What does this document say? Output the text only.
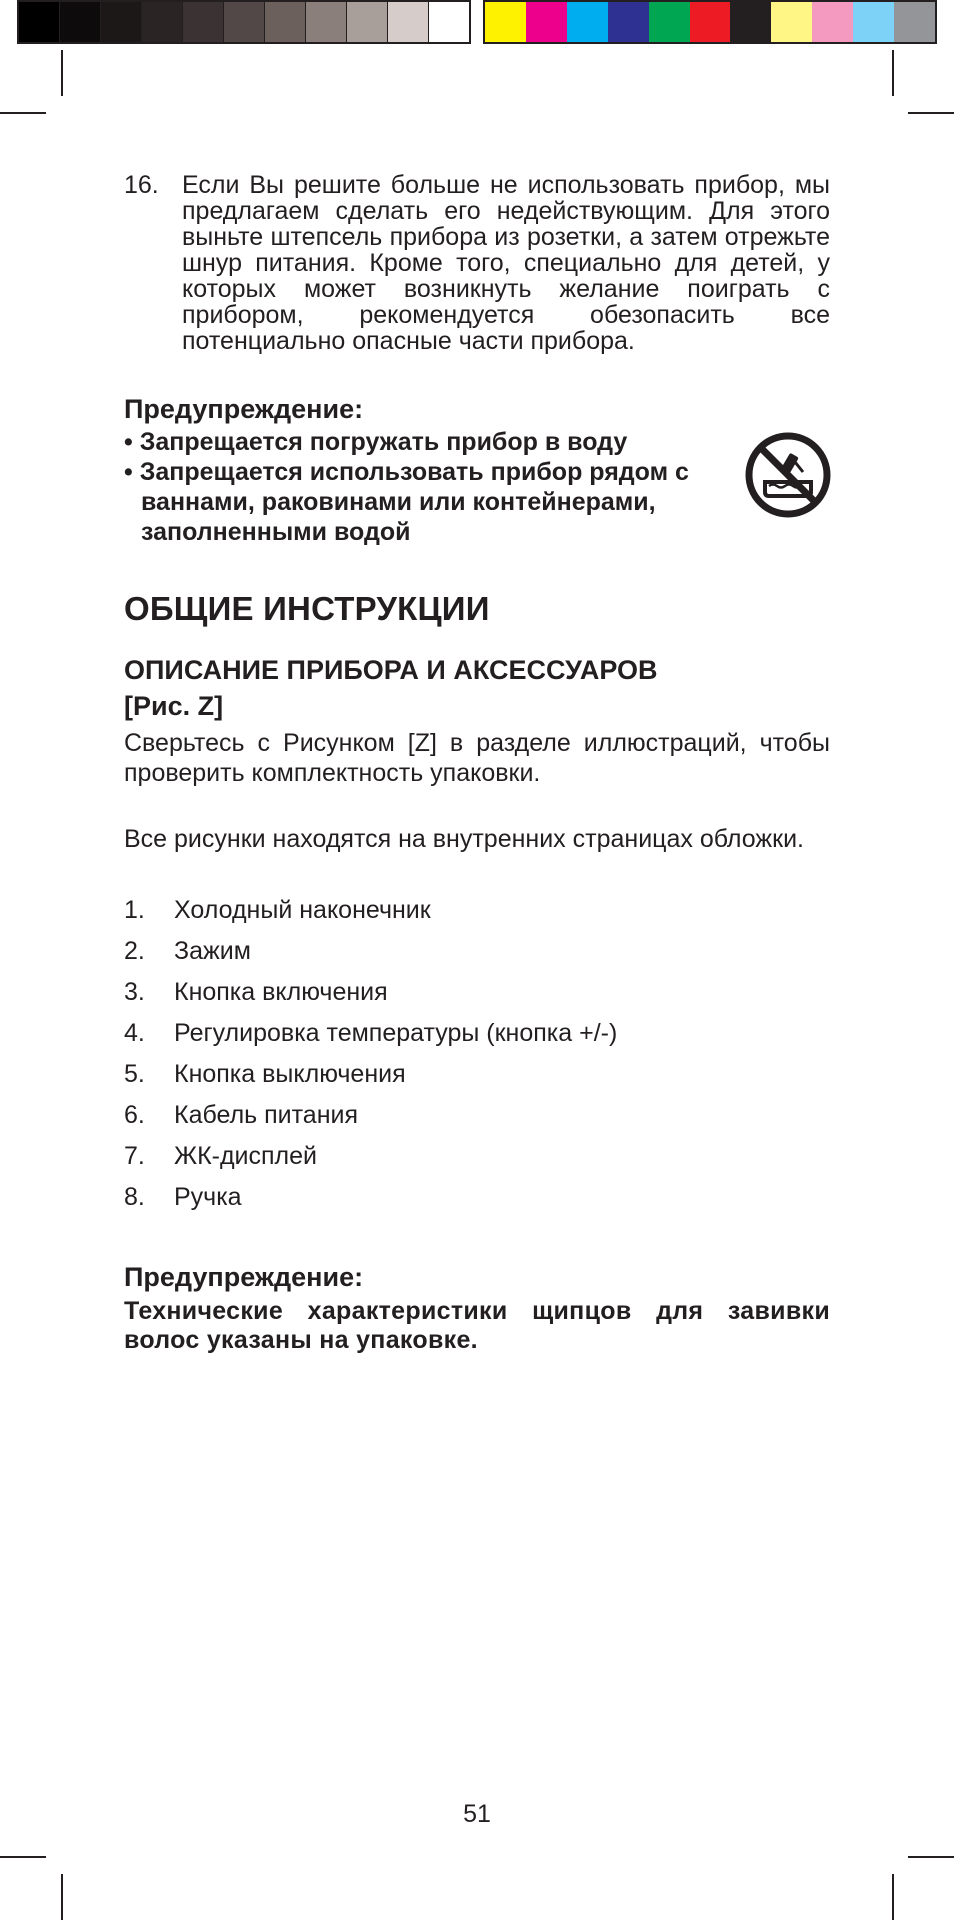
16. Если Вы решите больше не использовать прибор, мы предлагаем сделать его недействующим. Для этого выньте штепсель прибора из розетки, а затем отрежьте шнур питания. Кроме того, специально для детей, у которых может возникнуть желание поиграть с прибором, рекомендуется обезопасить все потенциально опасные части прибора.
Предупреждение:
• Запрещается погружать прибор в воду
• Запрещается использовать прибор рядом с ваннами, раковинами или контейнерами, заполненными водой
ОБЩИЕ ИНСТРУКЦИИ
ОПИСАНИЕ ПРИБОРА И АКСЕССУАРОВ
[Рис. Z]
Сверьтесь с Рисунком [Z] в разделе иллюстраций, чтобы проверить комплектность упаковки.
Все рисунки находятся на внутренних страницах обложки.
1. Холодный наконечник
2. Зажим
3. Кнопка включения
4. Регулировка температуры (кнопка +/-)
5. Кнопка выключения
6. Кабель питания
7. ЖК-дисплей
8. Ручка
Предупреждение:
Технические характеристики щипцов для завивки волос указаны на упаковке.
51
